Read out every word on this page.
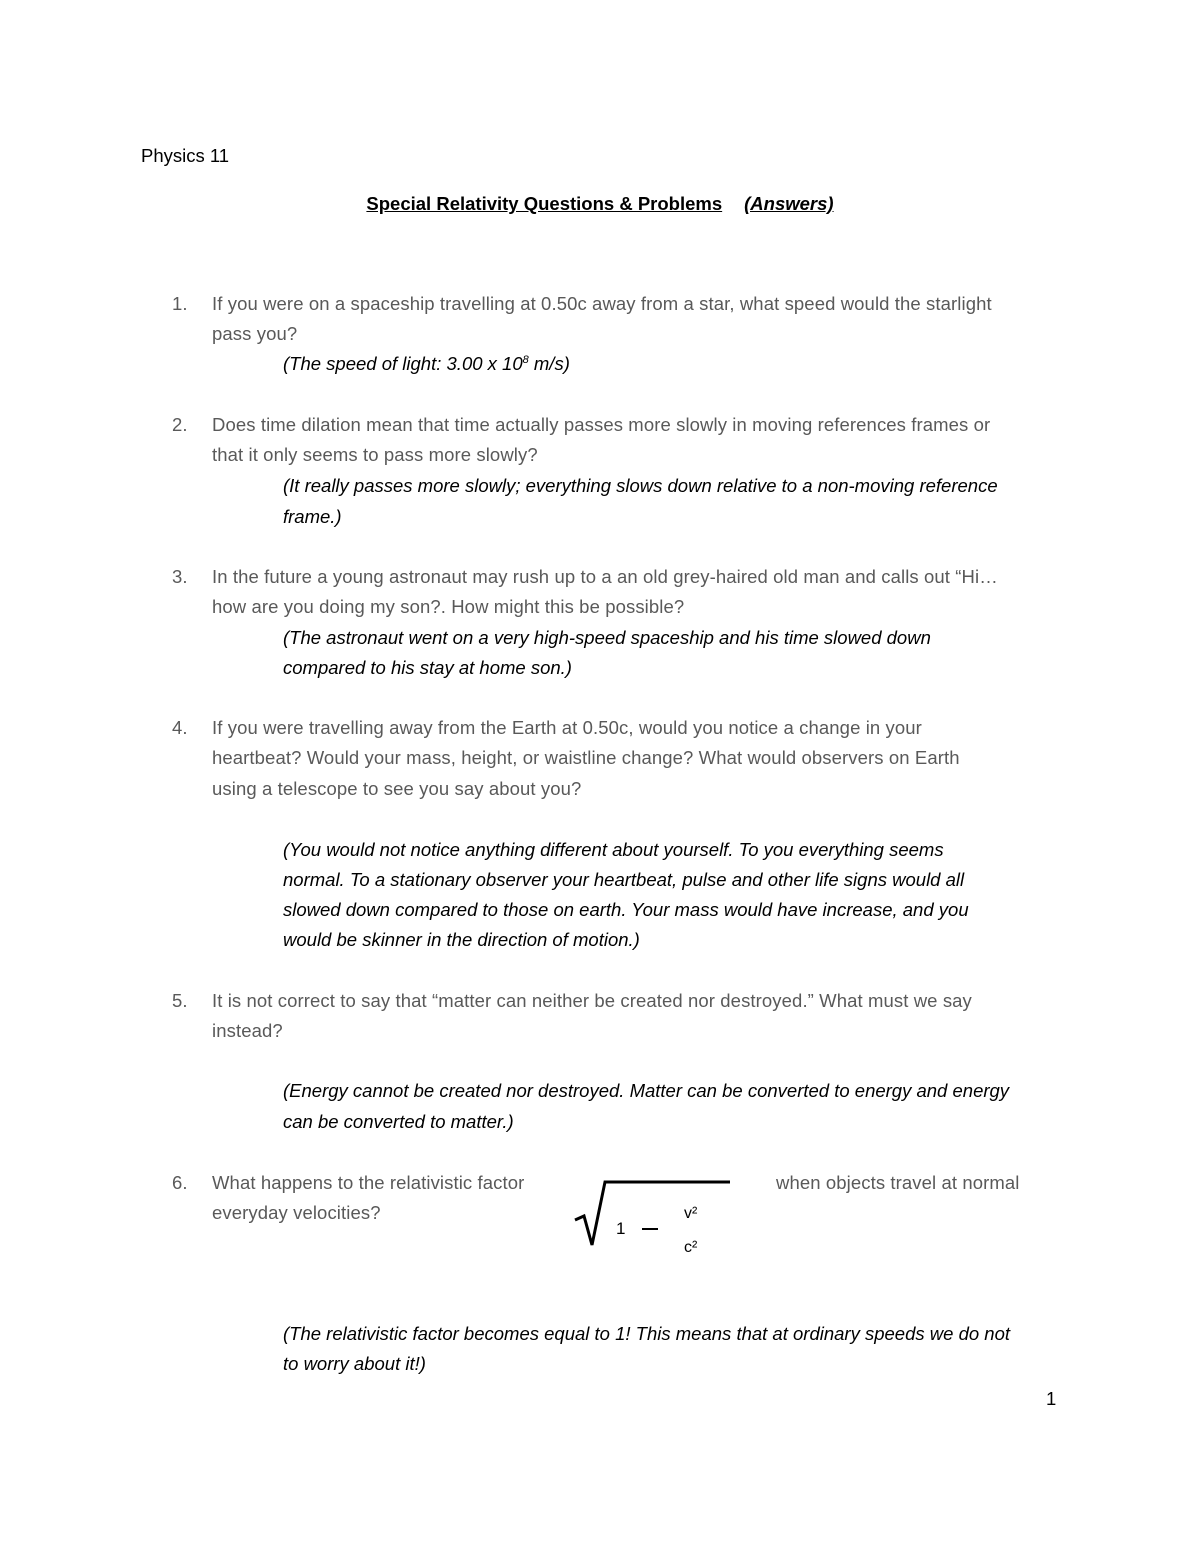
Physics 11
Special Relativity Questions & Problems (Answers)
1. If you were on a spaceship travelling at 0.50c away from a star, what speed would the starlight
pass you?
(The speed of light: 3.00 x $10^8$ m/s)
2. Does time dilation mean that time actually passes more slowly in moving references frames or
that it only seems to pass more slowly?
(It really passes more slowly; everything slows down relative to a non-moving reference
frame.)
3. In the future a young astronaut may rush up to a an old grey-haired old man and calls out “Hi…
how are you doing my son?. How might this be possible?
(The astronaut went on a very high-speed spaceship and his time slowed down
compared to his stay at home son.)
4. If you were travelling away from the Earth at 0.50c, would you notice a change in your
heartbeat? Would your mass, height, or waistline change? What would observers on Earth
using a telescope to see you say about you?
(You would not notice anything different about yourself. To you everything seems
normal. To a stationary observer your heartbeat, pulse and other life signs would all
slowed down compared to those on earth. Your mass would have increase, and you
would be skinner in the direction of motion.)
5. It is not correct to say that “matter can neither be created nor destroyed.” What must we say
instead?
(Energy cannot be created nor destroyed. Matter can be converted to energy and energy
can be converted to matter.)
6. What happens to the relativistic factor	when objects travel at normal
everyday velocities?
1
v²
c²
(The relativistic factor becomes equal to 1! This means that at ordinary speeds we do not
to worry about it!)
1
